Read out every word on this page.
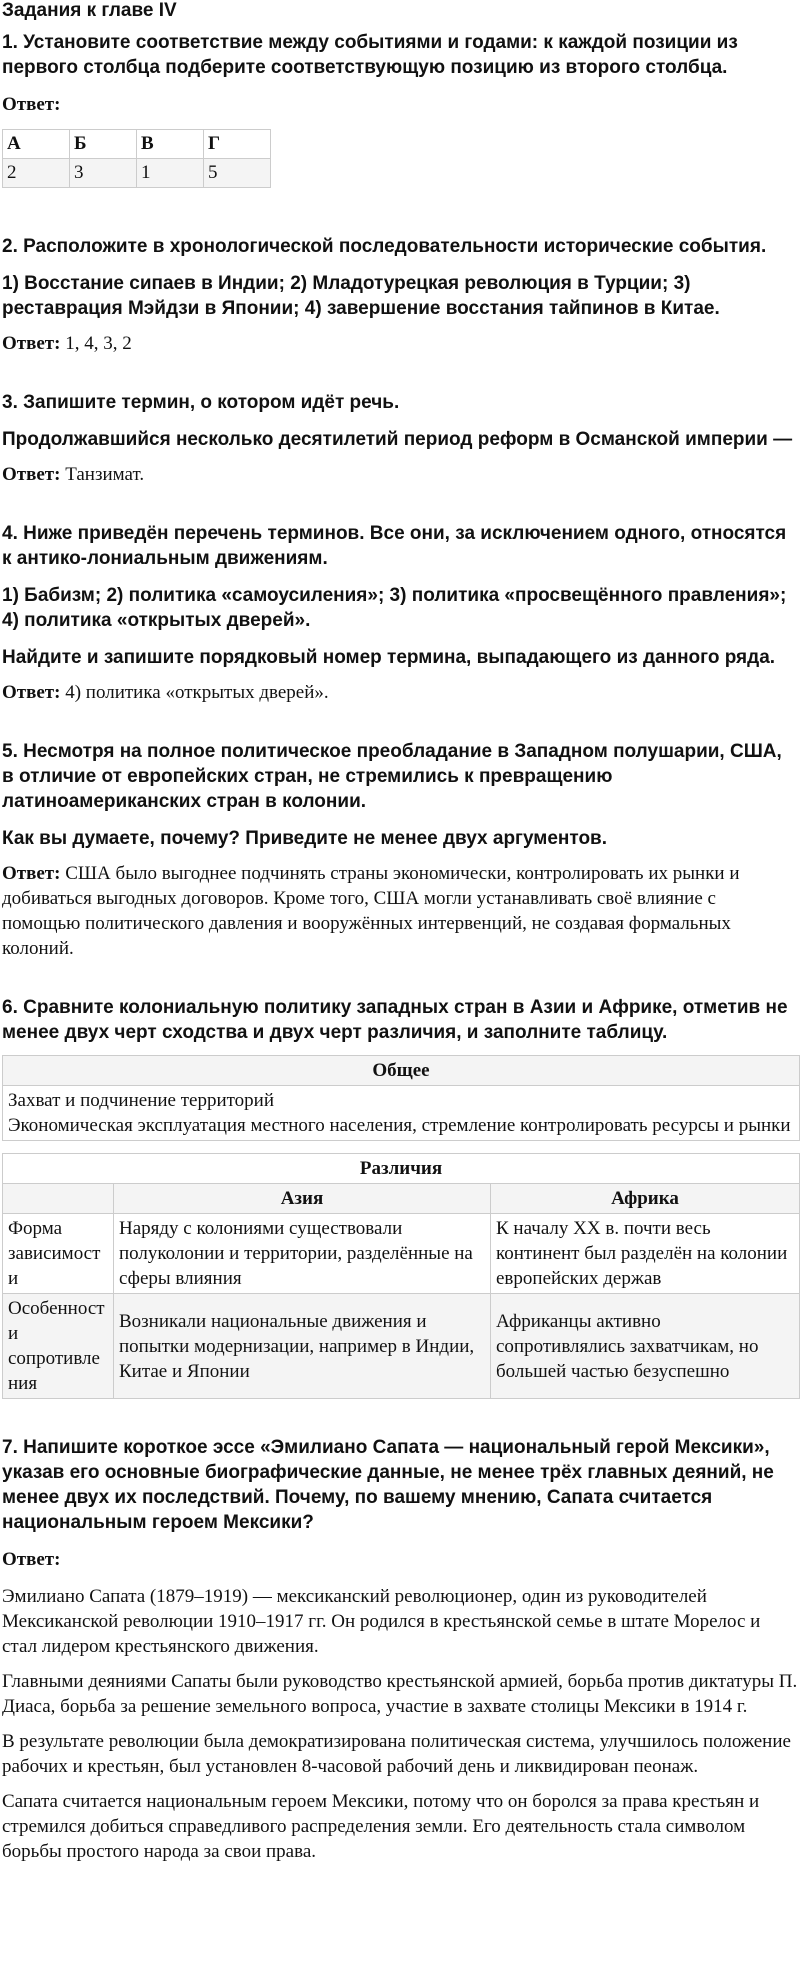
Задания к главе IV

1. Установите соответствие между событиями и годами: к каждой позиции из первого столбца подберите соответствующую позицию из второго столбца.

Ответ:

А	Б	В	Г
2	3	1	5

2. Расположите в хронологической последовательности исторические события.

1) Восстание сипаев в Индии; 2) Младотурецкая революция в Турции; 3) реставрация Мэйдзи в Японии; 4) завершение восстания тайпинов в Китае.

Ответ: 1, 4, 3, 2

3. Запишите термин, о котором идёт речь.

Продолжавшийся несколько десятилетий период реформ в Османской империи —

Ответ: Танзимат.

4. Ниже приведён перечень терминов. Все они, за исключением одного, относятся к антико-лониальным движениям.

1) Бабизм; 2) политика «самоусиления»; 3) политика «просвещённого правления»; 4) политика «открытых дверей».

Найдите и запишите порядковый номер термина, выпадающего из данного ряда.

Ответ: 4) политика «открытых дверей».

5. Несмотря на полное политическое преобладание в Западном полушарии, США, в отличие от европейских стран, не стремились к превращению латиноамериканских стран в колонии.

Как вы думаете, почему? Приведите не менее двух аргументов.

Ответ: США было выгоднее подчинять страны экономически, контролировать их рынки и добиваться выгодных договоров. Кроме того, США могли устанавливать своё влияние с помощью политического давления и вооружённых интервенций, не создавая формальных колоний.

6. Сравните колониальную политику западных стран в Азии и Африке, отметив не менее двух черт сходства и двух черт различия, и заполните таблицу.

Общее

Захват и подчинение территорий
Экономическая эксплуатация местного населения, стремление контролировать ресурсы и рынки
Различия		
	Азия	Африка
Форма зависимост и	Наряду с колониями существовали полуколонии и территории, разделённые на сферы влияния	К началу XX в. почти весь континент был разделён на колонии европейских держав
Особенност и сопротивле ния	Возникали национальные движения и попытки модернизации, например в Индии, Китае и Японии	Африканцы активно сопротивлялись захватчикам, но большей частью безуспешно

7. Напишите короткое эссе «Эмилиано Сапата — национальный герой Мексики», указав его основные биографические данные, не менее трёх главных деяний, не менее двух их последствий. Почему, по вашему мнению, Сапата считается национальным героем Мексики?

Ответ:

Эмилиано Сапата (1879–1919) — мексиканский революционер, один из руководителей Мексиканской революции 1910–1917 гг. Он родился в крестьянской семье в штате Морелос и стал лидером крестьянского движения.

Главными деяниями Сапаты были руководство крестьянской армией, борьба против диктатуры П. Диаса, борьба за решение земельного вопроса, участие в захвате столицы Мексики в 1914 г.

В результате революции была демократизирована политическая система, улучшилось положение рабочих и крестьян, был установлен 8-часовой рабочий день и ликвидирован пеонаж.

Сапата считается национальным героем Мексики, потому что он боролся за права крестьян и стремился добиться справедливого распределения земли. Его деятельность стала символом борьбы простого народа за свои права.
